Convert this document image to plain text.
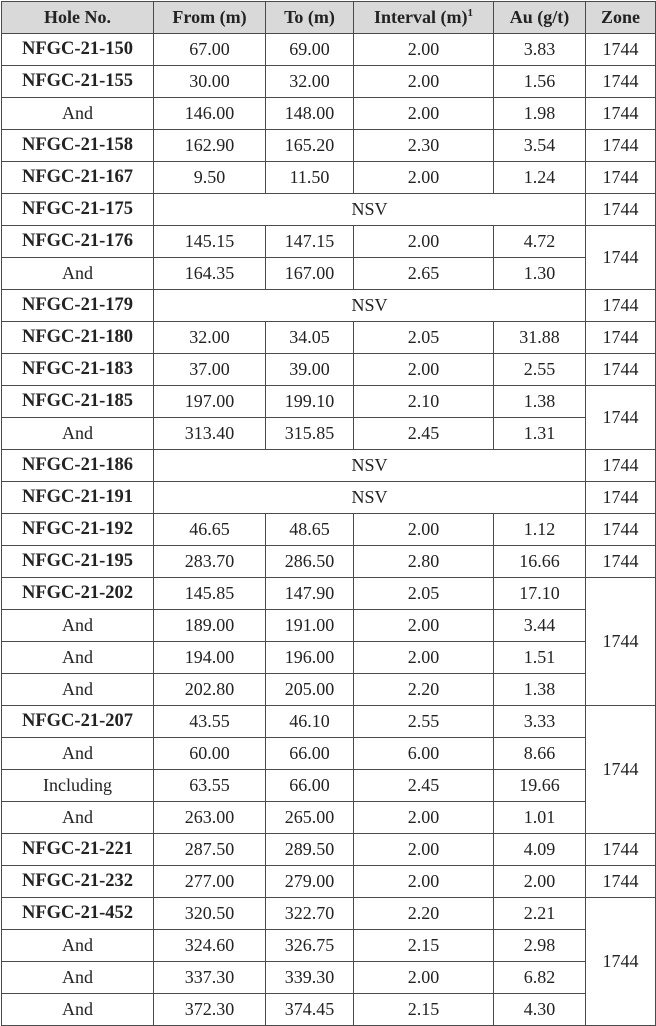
Hole No.	From (m)	To (m)	Interval $(m)^1$	Au (g/t)	Zone
NFGC-21-150	67.00	69.00	2.00	3.83	1744
NFGC-21-155	30.00	32.00	2.00	1.56	1744
And	146.00	148.00	2.00	1.98	1744
NFGC-21-158	162.90	165.20	2.30	3.54	1744
NFGC-21-167	9.50	11.50	2.00	1.24	1744
NFGC-21-175	NSV				1744
NFGC-21-176	145.15	147.15	2.00	4.72	1744
And	164.35	167.00	2.65	1.30	
NFGC-21-179	NSV				1744
NFGC-21-180	32.00	34.05	2.05	31.88	1744
NFGC-21-183	37.00	39.00	2.00	2.55	1744
NFGC-21-185	197.00	199.10	2.10	1.38	1744
And	313.40	315.85	2.45	1.31	
NFGC-21-186	NSV				1744
NFGC-21-191	NSV				1744
NFGC-21-192	46.65	48.65	2.00	1.12	1744
NFGC-21-195	283.70	286.50	2.80	16.66	1744
NFGC-21-202	145.85	147.90	2.05	17.10	1744
And	189.00	191.00	2.00	3.44	
And	194.00	196.00	2.00	1.51	
And	202.80	205.00	2.20	1.38	
NFGC-21-207	43.55	46.10	2.55	3.33	1744
And	60.00	66.00	6.00	8.66	
Including	63.55	66.00	2.45	19.66	
And	263.00	265.00	2.00	1.01	
NFGC-21-221	287.50	289.50	2.00	4.09	1744
NFGC-21-232	277.00	279.00	2.00	2.00	1744
NFGC-21-452	320.50	322.70	2.20	2.21	1744
And	324.60	326.75	2.15	2.98	
And	337.30	339.30	2.00	6.82	
And	372.30	374.45	2.15	4.30	
